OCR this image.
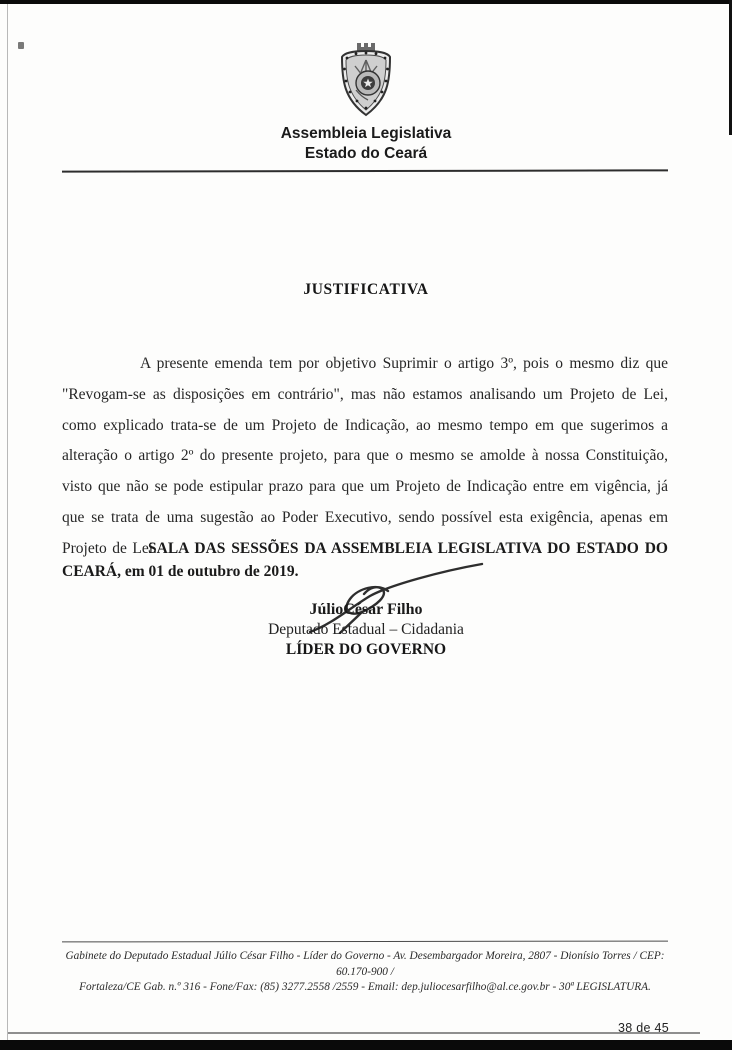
Assembleia Legislativa
Estado do Ceará
JUSTIFICATIVA

A presente emenda tem por objetivo Suprimir o artigo 3º, pois o mesmo diz que "Revogam-se as disposições em contrário", mas não estamos analisando um Projeto de Lei, como explicado trata-se de um Projeto de Indicação, ao mesmo tempo em que sugerimos a alteração o artigo 2º do presente projeto, para que o mesmo se amolde à nossa Constituição, visto que não se pode estipular prazo para que um Projeto de Indicação entre em vigência, já que se trata de uma sugestão ao Poder Executivo, sendo possível esta exigência, apenas em Projeto de Lei.

SALA DAS SESSÕES DA ASSEMBLEIA LEGISLATIVA DO ESTADO DO CEARÁ, em 01 de outubro de 2019.

JúlioCésar Filho
Deputado Estadual – Cidadania
LÍDER DO GOVERNO
Gabinete do Deputado Estadual Júlio César Filho - Líder do Governo - Av. Desembargador Moreira, 2807 - Dionísio Torres / CEP: 60.170-900 /
Fortaleza/CE Gab. n.º 316 - Fone/Fax: (85) 3277.2558 /2559 - Email: dep.juliocesarfilho@al.ce.gov.br - 30ª LEGISLATURA.
38 de 45
